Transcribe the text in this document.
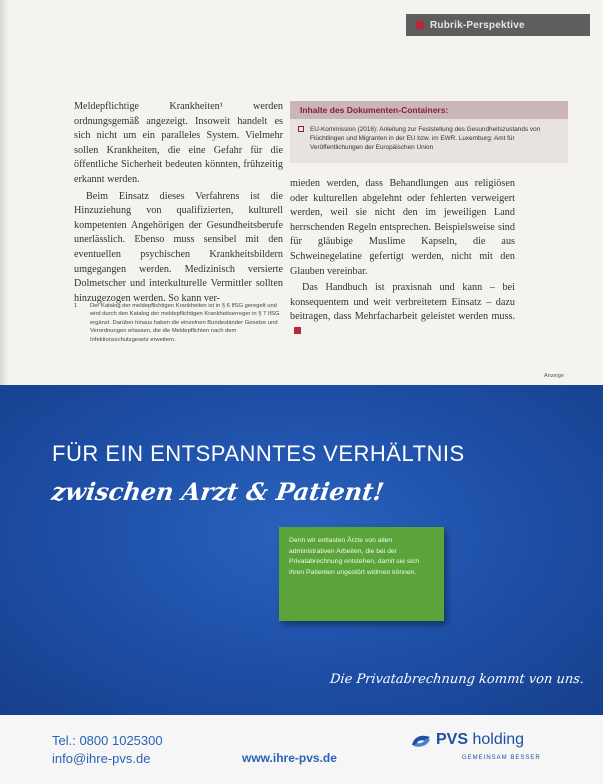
Rubrik-Perspektive

Meldepflichtige Krankheiten¹ werden ordnungsgemäß angezeigt. Insoweit handelt es sich nicht um ein paralleles System. Vielmehr sollen Krankheiten, die eine Gefahr für die öffentliche Sicherheit bedeuten könnten, frühzeitig erkannt werden.

Beim Einsatz dieses Verfahrens ist die Hinzuziehung von qualifizierten, kulturell kompetenten Angehörigen der Gesundheitsberufe unerlässlich. Ebenso muss sensibel mit den eventuellen psychischen Krankheitsbildern umgegangen werden. Medizinisch versierte Dolmetscher und interkulturelle Vermittler sollten hinzugezogen werden. So kann ver-

1	Der Katalog der meldepflichtigen Krankheiten ist in § 6 IfSG geregelt und wird durch den Katalog der meldepflichtigen Krankheitserreger in § 7 IfSG ergänzt. Darüber hinaus haben die einzelnen Bundesländer Gesetze und Verordnungen erlassen, die die Meldepflichten nach dem Infektionsschutzgesetz erweitern.
Inhalte des Dokumenten-Containers:
EU-Kommission (2016): Anleitung zur Feststellung des Gesundheitszustands von Flüchtlingen und Migranten in der EU bzw. im EWR. Luxemburg: Amt für Veröffentlichungen der Europäischen Union

mieden werden, dass Behandlungen aus religiösen oder kulturellen abgelehnt oder fehlerten verweigert werden, weil sie nicht den im jeweiligen Land herrschenden Regeln entsprechen. Beispielsweise sind für gläubige Muslime Kapseln, die aus Schweinegelatine gefertigt werden, nicht mit den Glauben vereinbar.

Das Handbuch ist praxisnah und kann – bei konsequentem und weit verbreitetem Einsatz – dazu beitragen, dass Mehrfacharbeit geleistet werden muss.

Anzeige
FÜR EIN ENTSPANNTES VERHÄLTNIS
zwischen Arzt & Patient!
Denn wir entlasten Ärzte von allen administrativen Arbeiten, die bei der Privatabrechnung entstehen, damit sie sich ihren Patienten ungestört widmen können.
Die Privatabrechnung kommt von uns.
Tel.: 0800 1025300
info@ihre-pvs.de	www.ihre-pvs.de
PVS holding
GEMEINSAM BESSER
